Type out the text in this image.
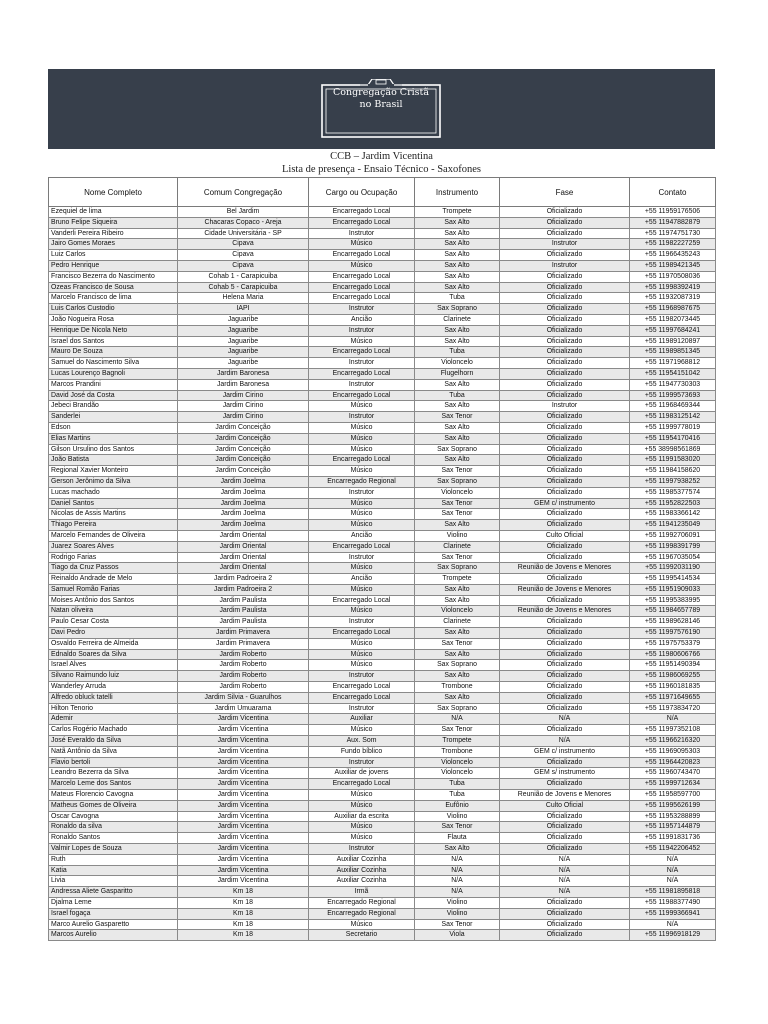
Congregação Cristã
no Brasil
CCB – Jardim Vicentina
Lista de presença - Ensaio Técnico - Saxofones
Nome Completo	Comum Congregação	Cargo ou Ocupação	Instrumento	Fase	Contato
Ezequiel de lima	Bel Jardim	Encarregado Local	Trompete	Oficializado	+55 11959176506
Bruno Felipe Siqueira	Chacaras Copaco - Areja	Encarregado Local	Sax Alto	Oficializado	+55 11947882879
Vanderli Pereira Ribeiro	Cidade Universitária - SP	Instrutor	Sax Alto	Oficializado	+55 11974751730
Jairo Gomes Moraes	Cipava	Músico	Sax Alto	Instrutor	+55 11982227259
Luiz Carlos	Cipava	Encarregado Local	Sax Alto	Oficializado	+55 11966435243
Pedro Henrique	Cipava	Músico	Sax Alto	Instrutor	+55 11989421345
Francisco Bezerra do Nascimento	Cohab 1 - Carapicuiba	Encarregado Local	Sax Alto	Oficializado	+55 11970508036
Ozeas Francisco de Sousa	Cohab 5 - Carapicuiba	Encarregado Local	Sax Alto	Oficializado	+55 11998392419
Marcelo Francisco de lima	Helena Maria	Encarregado Local	Tuba	Oficializado	+55 11932087319
Luis Carlos Custodio	IAPI	Instrutor	Sax Soprano	Oficializado	+55 11968987675
João Nogueira Rosa	Jaguaribe	Ancião	Clarinete	Oficializado	+55 11982073445
Henrique De Nicola Neto	Jaguaribe	Instrutor	Sax Alto	Oficializado	+55 11997684241
Israel dos Santos	Jaguaribe	Músico	Sax Alto	Oficializado	+55 11989120897
Mauro De Souza	Jaguaribe	Encarregado Local	Tuba	Oficializado	+55 11989851345
Samuel do Nascimento Silva	Jaguaribe	Instrutor	Violoncelo	Oficializado	+55 11971968812
Lucas Lourenço Bagnoli	Jardim Baronesa	Encarregado Local	Flugelhorn	Oficializado	+55 11954151042
Marcos Prandini	Jardim Baronesa	Instrutor	Sax Alto	Oficializado	+55 11947730303
David José da Costa	Jardim Cirino	Encarregado Local	Tuba	Oficializado	+55 11999573693
Jebeci Brandão	Jardim Cirino	Músico	Sax Alto	Instrutor	+55 11968469344
Sanderlei	Jardim Cirino	Instrutor	Sax Tenor	Oficializado	+55 11983125142
Edson	Jardim Conceição	Músico	Sax Alto	Oficializado	+55 11999778019
Elias Martins	Jardim Conceição	Músico	Sax Alto	Oficializado	+55 11954170416
Gilson Ursulino dos Santos	Jardim Conceição	Músico	Sax Soprano	Oficializado	+55 38998561869
João Batista	Jardim Conceição	Encarregado Local	Sax Alto	Oficializado	+55 11991583020
Regional Xavier Monteiro	Jardim Conceição	Músico	Sax Tenor	Oficializado	+55 11984158620
Gerson Jerônimo da Silva	Jardim Joelma	Encarregado Regional	Sax Soprano	Oficializado	+55 11997938252
Lucas machado	Jardim Joelma	Instrutor	Violoncelo	Oficializado	+55 11985377574
Daniel Santos	Jardim Joelma	Músico	Sax Tenor	GEM c/ instrumento	+55 11952822503
Nicolas de Assis Martins	Jardim Joelma	Músico	Sax Tenor	Oficializado	+55 11983366142
Thiago Pereira	Jardim Joelma	Músico	Sax Alto	Oficializado	+55 11941235049
Marcelo Fernandes de Oliveira	Jardim Oriental	Ancião	Violino	Culto Oficial	+55 11992706091
Juarez Soares Alves	Jardim Oriental	Encarregado Local	Clarinete	Oficializado	+55 11998391799
Rodrigo Farias	Jardim Oriental	Instrutor	Sax Tenor	Oficializado	+55 11967035054
Tiago da Cruz Passos	Jardim Oriental	Músico	Sax Soprano	Reunião de Jovens e Menores	+55 11992031190
Reinaldo Andrade de Melo	Jardim Padroeira 2	Ancião	Trompete	Oficializado	+55 11995414534
Samuel Romão Farias	Jardim Padroeira 2	Músico	Sax Alto	Reunião de Jovens e Menores	+55 11951909033
Moises Antônio dos Santos	Jardim Paulista	Encarregado Local	Sax Alto	Oficializado	+55 11995383995
Natan oliveira	Jardim Paulista	Músico	Violoncelo	Reunião de Jovens e Menores	+55 11984657789
Paulo Cesar Costa	Jardim Paulista	Instrutor	Clarinete	Oficializado	+55 11989628146
Davi Pedro	Jardim Primavera	Encarregado Local	Sax Alto	Oficializado	+55 11997576190
Osvaldo Ferreira de Almeida	Jardim Primavera	Músico	Sax Tenor	Oficializado	+55 11975753379
Ednaldo Soares da Silva	Jardim Roberto	Músico	Sax Alto	Oficializado	+55 11980606766
Israel Alves	Jardim Roberto	Músico	Sax Soprano	Oficializado	+55 11951490394
Silvano Raimundo luiz	Jardim Roberto	Instrutor	Sax Alto	Oficializado	+55 11986069255
Wanderley Arruda	Jardim Roberto	Encarregado Local	Trombone	Oficializado	+55 11960181835
Alfredo obluck tatelli	Jardim Silvia - Guarulhos	Encarregado Local	Sax Alto	Oficializado	+55 11971649655
Hilton Tenorio	Jardim Umuarama	Instrutor	Sax Soprano	Oficializado	+55 11973834720
Ademir	Jardim Vicentina	Auxiliar	N/A	N/A	N/A
Carlos Rogério Machado	Jardim Vicentina	Músico	Sax Tenor	Oficializado	+55 11997352108
José Everaldo da Silva	Jardim Vicentina	Aux. Som	Trompete	N/A	+55 11966216320
Natã Antônio da Silva	Jardim Vicentina	Fundo bíblico	Trombone	GEM c/ instrumento	+55 11969095303
Flavio bertoli	Jardim Vicentina	Instrutor	Violoncelo	Oficializado	+55 11964420823
Leandro Bezerra da Silva	Jardim Vicentina	Auxiliar de jovens	Violoncelo	GEM s/ instrumento	+55 11960743470
Marcelo Leme dos Santos	Jardim Vicentina	Encarregado Local	Tuba	Oficializado	+55 11999712634
Mateus Florencio Cavogna	Jardim Vicentina	Músico	Tuba	Reunião de Jovens e Menores	+55 11958597700
Matheus Gomes de Oliveira	Jardim Vicentina	Músico	Eufônio	Culto Oficial	+55 11995626199
Oscar Cavogna	Jardim Vicentina	Auxiliar da escrita	Violino	Oficializado	+55 11953288899
Ronaldo da silva	Jardim Vicentina	Músico	Sax Tenor	Oficializado	+55 11957144879
Ronaldo Santos	Jardim Vicentina	Músico	Flauta	Oficializado	+55 11991831736
Valmir Lopes de Souza	Jardim Vicentina	Instrutor	Sax Alto	Oficializado	+55 11942206452
Ruth	Jardim Vicentina	Auxiliar Cozinha	N/A	N/A	N/A
Katia	Jardim Vicentina	Auxiliar Cozinha	N/A	N/A	N/A
Livia	Jardim Vicentina	Auxiliar Cozinha	N/A	N/A	N/A
Andressa Aliete Gasparitto	Km 18	Irmã	N/A	N/A	+55 11981895818
Djalma Leme	Km 18	Encarregado Regional	Violino	Oficializado	+55 11988377490
Israel fogaça	Km 18	Encarregado Regional	Violino	Oficializado	+55 11999366941
Marco Aurelio Gasparetto	Km 18	Músico	Sax Tenor	Oficializado	N/A
Marcos Aurelio	Km 18	Secretario	Viola	Oficializado	+55 11996918129
